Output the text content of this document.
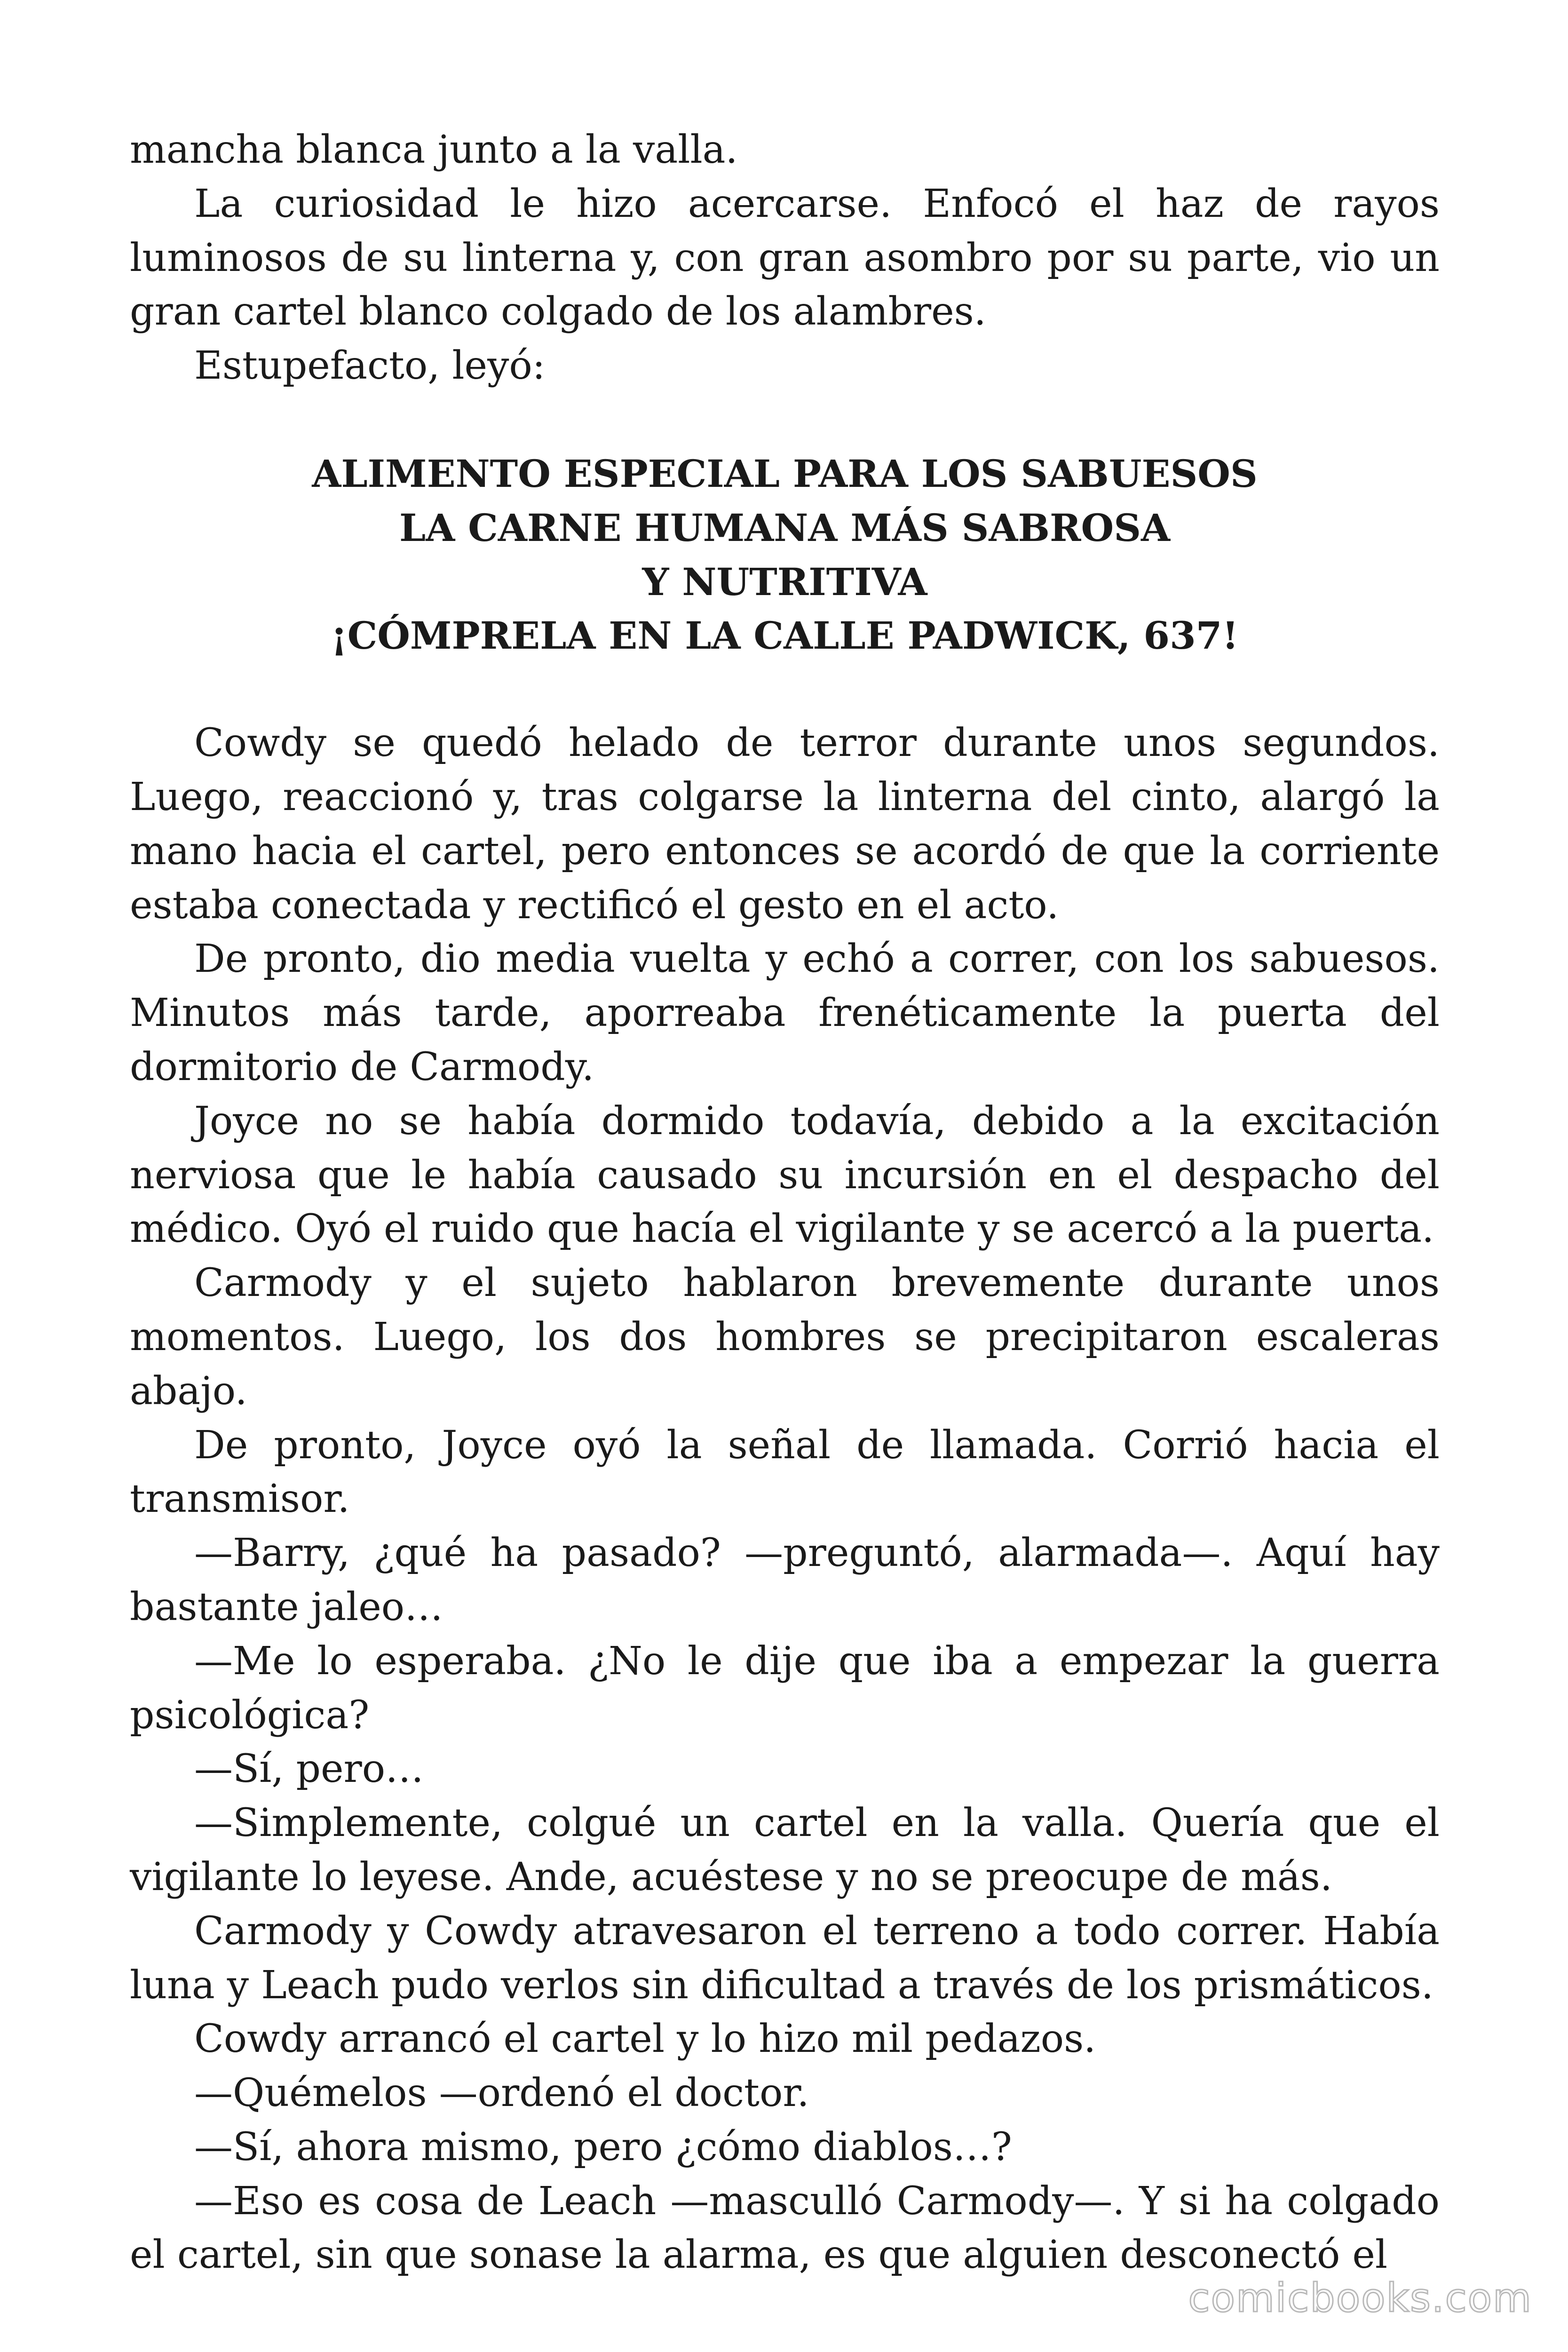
mancha blanca junto a la valla.

La curiosidad le hizo acercarse. Enfocó el haz de rayos luminosos de su linterna y, con gran asombro por su parte, vio un gran cartel blanco colgado de los alambres.

Estupefacto, leyó:

ALIMENTO ESPECIAL PARA LOS SABUESOS
LA CARNE HUMANA MÁS SABROSA
Y NUTRITIVA
¡CÓMPRELA EN LA CALLE PADWICK, 637!

Cowdy se quedó helado de terror durante unos segundos. Luego, reaccionó y, tras colgarse la linterna del cinto, alargó la mano hacia el cartel, pero entonces se acordó de que la corriente estaba conectada y rectificó el gesto en el acto.

De pronto, dio media vuelta y echó a correr, con los sabuesos. Minutos más tarde, aporreaba frenéticamente la puerta del dormitorio de Carmody.

Joyce no se había dormido todavía, debido a la excitación nerviosa que le había causado su incursión en el despacho del médico. Oyó el ruido que hacía el vigilante y se acercó a la puerta.

Carmody y el sujeto hablaron brevemente durante unos momentos. Luego, los dos hombres se precipitaron escaleras abajo.

De pronto, Joyce oyó la señal de llamada. Corrió hacia el transmisor.

—Barry, ¿qué ha pasado? —preguntó, alarmada—. Aquí hay bastante jaleo…

—Me lo esperaba. ¿No le dije que iba a empezar la guerra psicológica?

—Sí, pero…

—Simplemente, colgué un cartel en la valla. Quería que el vigilante lo leyese. Ande, acuéstese y no se preocupe de más.

Carmody y Cowdy atravesaron el terreno a todo correr. Había luna y Leach pudo verlos sin dificultad a través de los prismáticos.

Cowdy arrancó el cartel y lo hizo mil pedazos.

—Quémelos —ordenó el doctor.

—Sí, ahora mismo, pero ¿cómo diablos…?

—Eso es cosa de Leach —masculló Carmody—. Y si ha colgado el cartel, sin que sonase la alarma, es que alguien desconectó el

comicbooks.com
